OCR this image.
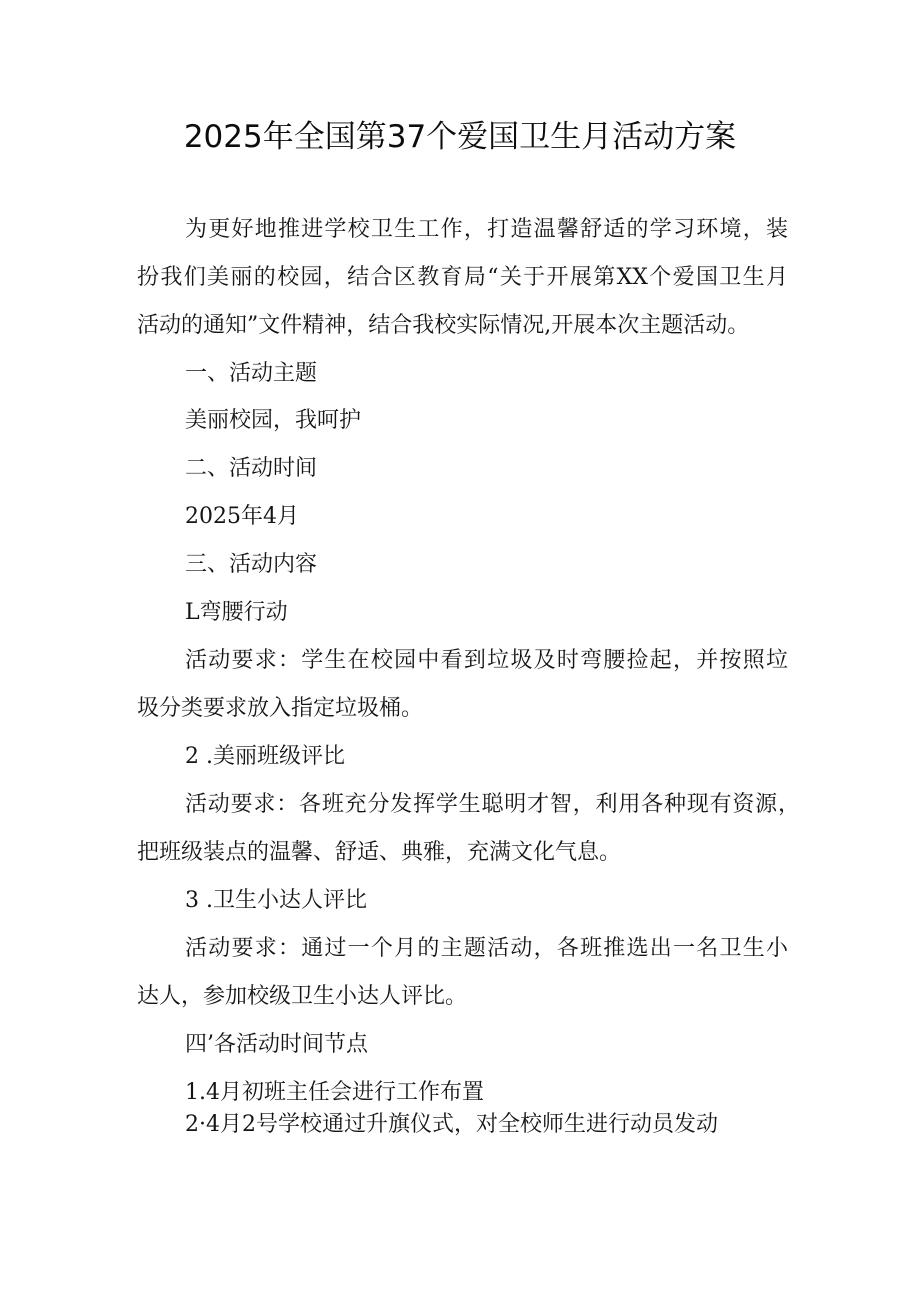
2025年全国第37个爱国卫生月活动方案
为更好地推进学校卫生工作，打造温馨舒适的学习环境，装
扮我们美丽的校园，结合区教育局“关于开展第XX个爱国卫生月
活动的通知”文件精神，结合我校实际情况,开展本次主题活动。
一、活动主题
美丽校园，我呵护
二、活动时间
2025年4月
三、活动内容
L弯腰行动
活动要求：学生在校园中看到垃圾及时弯腰捡起，并按照垃
圾分类要求放入指定垃圾桶。
2 .美丽班级评比
活动要求：各班充分发挥学生聪明才智，利用各种现有资源，
把班级装点的温馨、舒适、典雅，充满文化气息。
3 .卫生小达人评比
活动要求：通过一个月的主题活动，各班推选出一名卫生小
达人，参加校级卫生小达人评比。
四’各活动时间节点
1.4月初班主任会进行工作布置
2·4月2号学校通过升旗仪式，对全校师生进行动员发动
